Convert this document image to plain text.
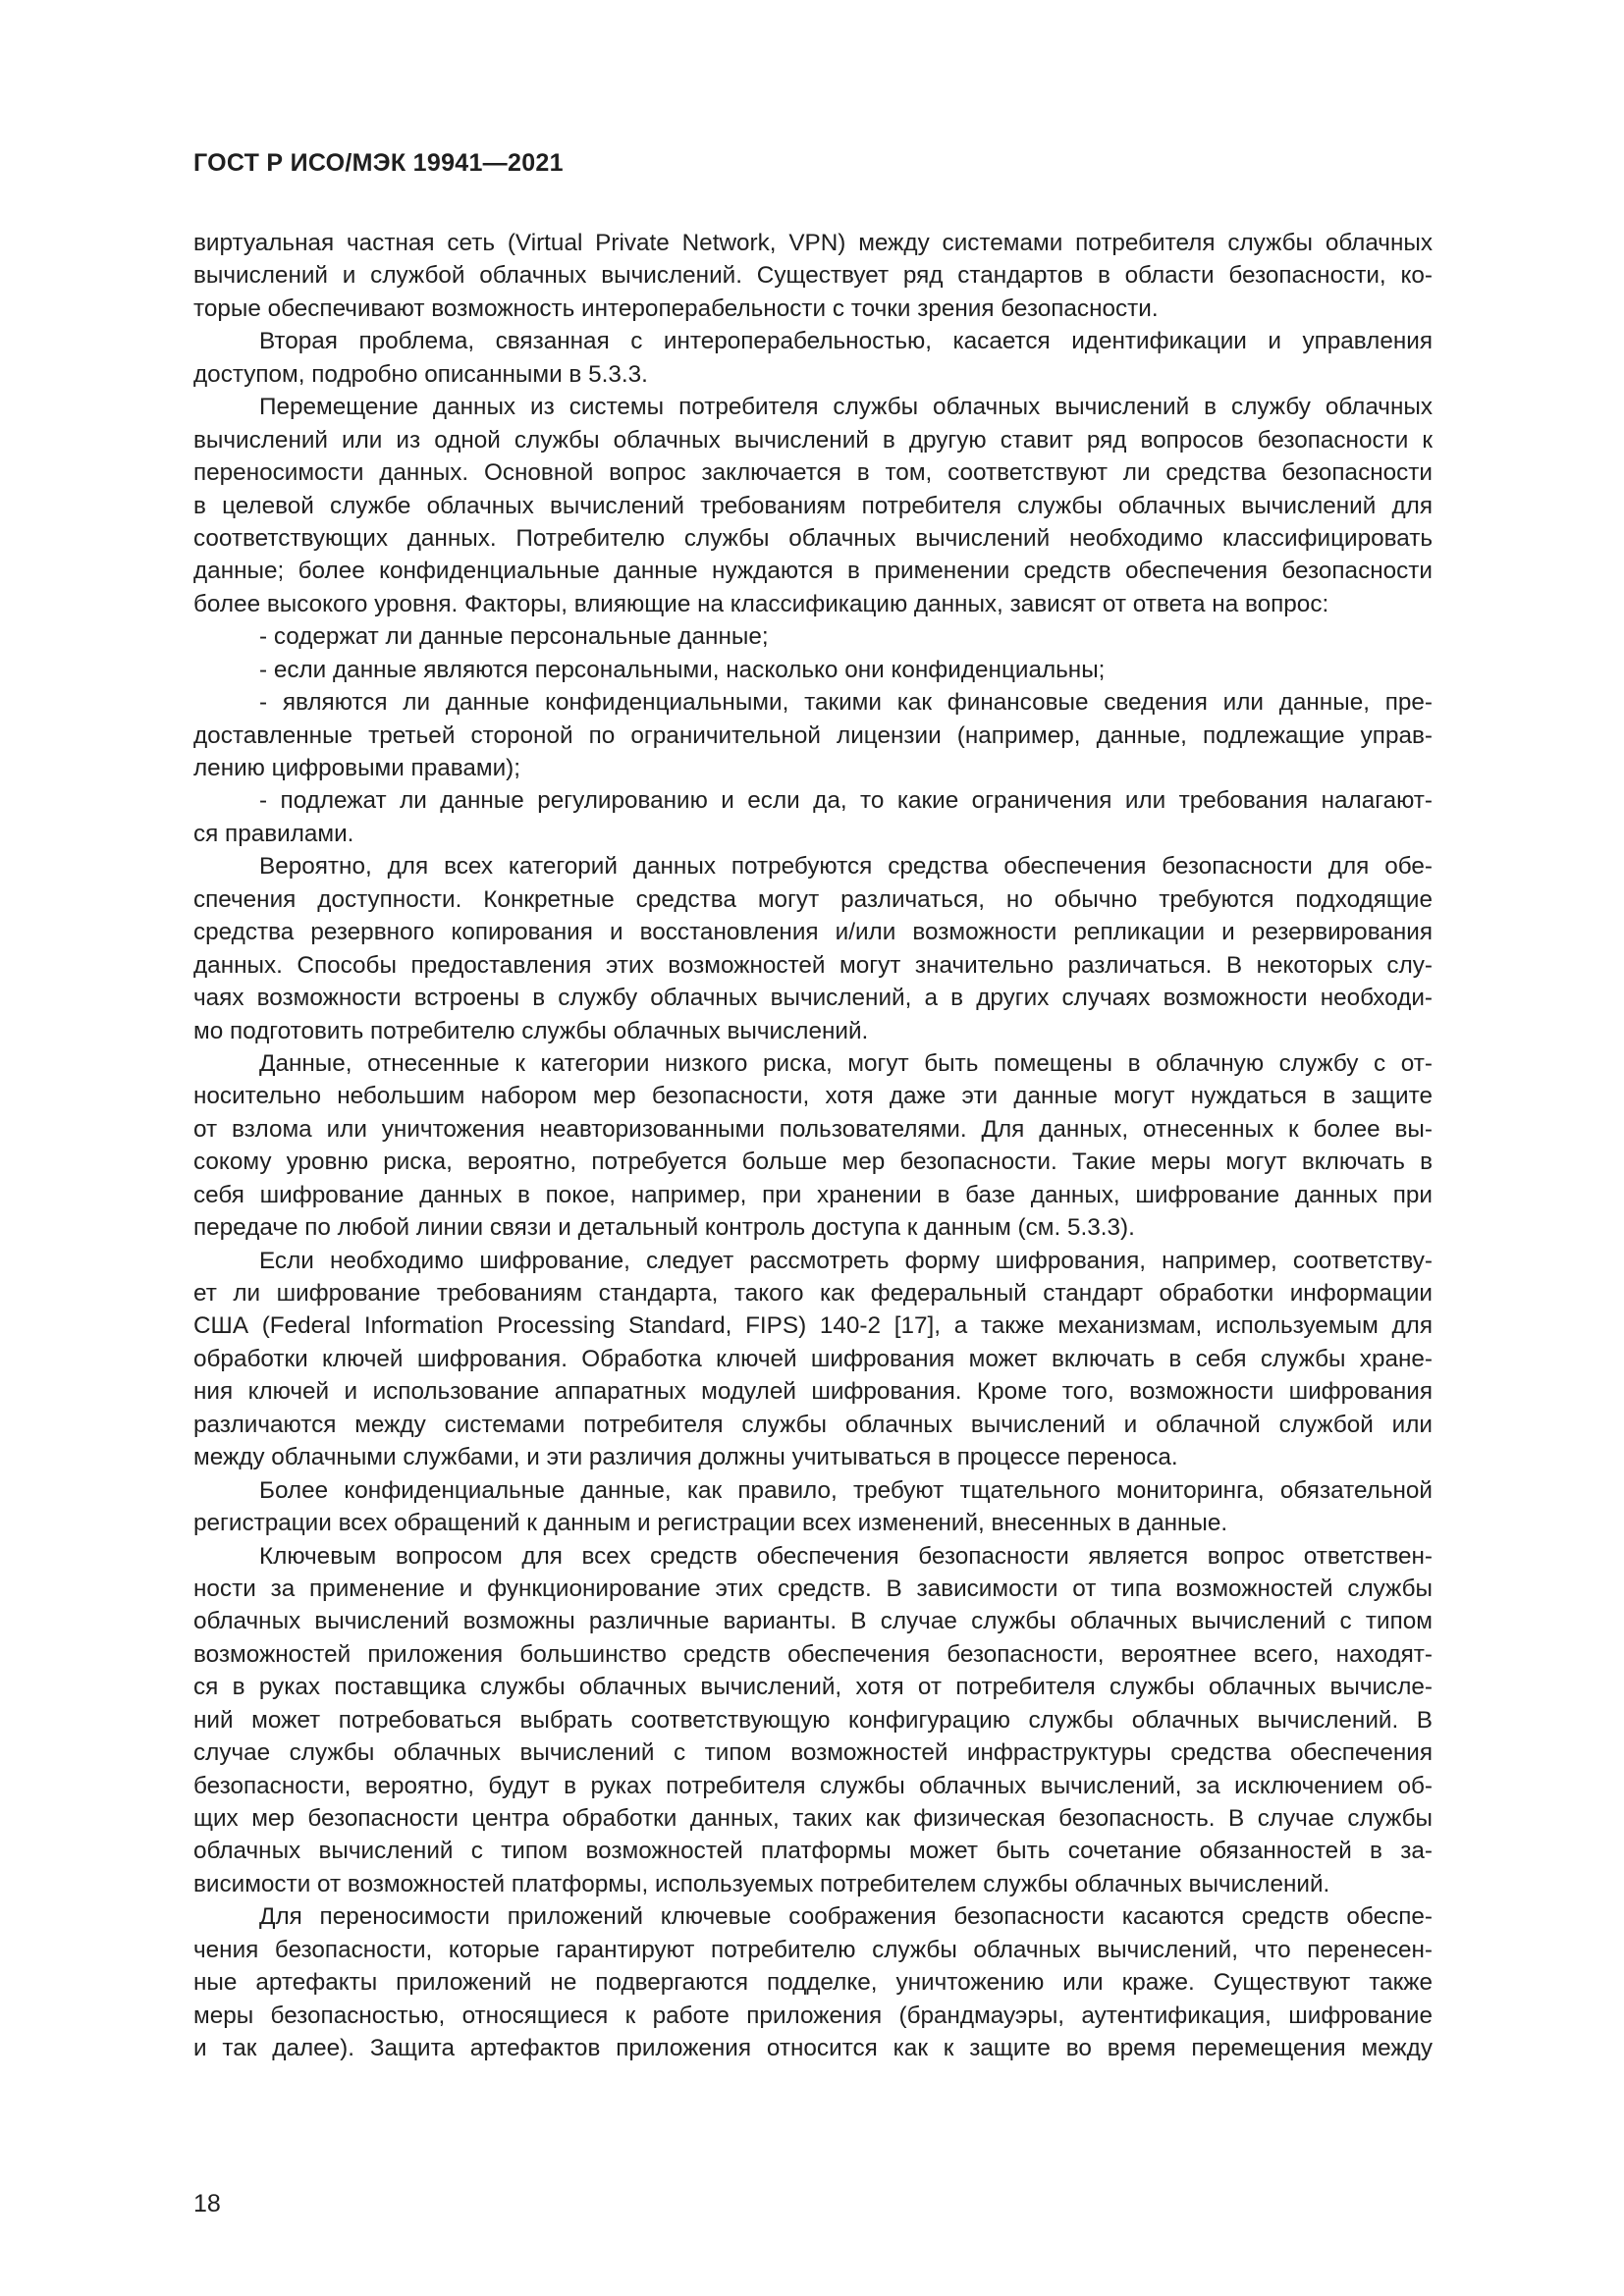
ГОСТ Р ИСО/МЭК 19941—2021
виртуальная частная сеть (Virtual Private Network, VPN) между системами потребителя службы облачных
вычислений и службой облачных вычислений. Существует ряд стандартов в области безопасности, ко-
торые обеспечивают возможность интероперабельности с точки зрения безопасности.
Вторая проблема, связанная с интероперабельностью, касается идентификации и управления
доступом, подробно описанными в 5.3.3.
Перемещение данных из системы потребителя службы облачных вычислений в службу облачных
вычислений или из одной службы облачных вычислений в другую ставит ряд вопросов безопасности к
переносимости данных. Основной вопрос заключается в том, соответствуют ли средства безопасности
в целевой службе облачных вычислений требованиям потребителя службы облачных вычислений для
соответствующих данных. Потребителю службы облачных вычислений необходимо классифицировать
данные; более конфиденциальные данные нуждаются в применении средств обеспечения безопасности
более высокого уровня. Факторы, влияющие на классификацию данных, зависят от ответа на вопрос:
- содержат ли данные персональные данные;
- если данные являются персональными, насколько они конфиденциальны;
- являются ли данные конфиденциальными, такими как финансовые сведения или данные, пре-
доставленные третьей стороной по ограничительной лицензии (например, данные, подлежащие управ-
лению цифровыми правами);
- подлежат ли данные регулированию и если да, то какие ограничения или требования налагают-
ся правилами.
Вероятно, для всех категорий данных потребуются средства обеспечения безопасности для обе-
спечения доступности. Конкретные средства могут различаться, но обычно требуются подходящие
средства резервного копирования и восстановления и/или возможности репликации и резервирования
данных. Способы предоставления этих возможностей могут значительно различаться. В некоторых слу-
чаях возможности встроены в службу облачных вычислений, а в других случаях возможности необходи-
мо подготовить потребителю службы облачных вычислений.
Данные, отнесенные к категории низкого риска, могут быть помещены в облачную службу с от-
носительно небольшим набором мер безопасности, хотя даже эти данные могут нуждаться в защите
от взлома или уничтожения неавторизованными пользователями. Для данных, отнесенных к более вы-
сокому уровню риска, вероятно, потребуется больше мер безопасности. Такие меры могут включать в
себя шифрование данных в покое, например, при хранении в базе данных, шифрование данных при
передаче по любой линии связи и детальный контроль доступа к данным (см. 5.3.3).
Если необходимо шифрование, следует рассмотреть форму шифрования, например, соответству-
ет ли шифрование требованиям стандарта, такого как федеральный стандарт обработки информации
США (Federal Information Processing Standard, FIPS) 140-2 [17], а также механизмам, используемым для
обработки ключей шифрования. Обработка ключей шифрования может включать в себя службы хране-
ния ключей и использование аппаратных модулей шифрования. Кроме того, возможности шифрования
различаются между системами потребителя службы облачных вычислений и облачной службой или
между облачными службами, и эти различия должны учитываться в процессе переноса.
Более конфиденциальные данные, как правило, требуют тщательного мониторинга, обязательной
регистрации всех обращений к данным и регистрации всех изменений, внесенных в данные.
Ключевым вопросом для всех средств обеспечения безопасности является вопрос ответствен-
ности за применение и функционирование этих средств. В зависимости от типа возможностей службы
облачных вычислений возможны различные варианты. В случае службы облачных вычислений с типом
возможностей приложения большинство средств обеспечения безопасности, вероятнее всего, находят-
ся в руках поставщика службы облачных вычислений, хотя от потребителя службы облачных вычисле-
ний может потребоваться выбрать соответствующую конфигурацию службы облачных вычислений. В
случае службы облачных вычислений с типом возможностей инфраструктуры средства обеспечения
безопасности, вероятно, будут в руках потребителя службы облачных вычислений, за исключением об-
щих мер безопасности центра обработки данных, таких как физическая безопасность. В случае службы
облачных вычислений с типом возможностей платформы может быть сочетание обязанностей в за-
висимости от возможностей платформы, используемых потребителем службы облачных вычислений.
Для переносимости приложений ключевые соображения безопасности касаются средств обеспе-
чения безопасности, которые гарантируют потребителю службы облачных вычислений, что перенесен-
ные артефакты приложений не подвергаются подделке, уничтожению или краже. Существуют также
меры безопасностью, относящиеся к работе приложения (брандмауэры, аутентификация, шифрование
и так далее). Защита артефактов приложения относится как к защите во время перемещения между
18
